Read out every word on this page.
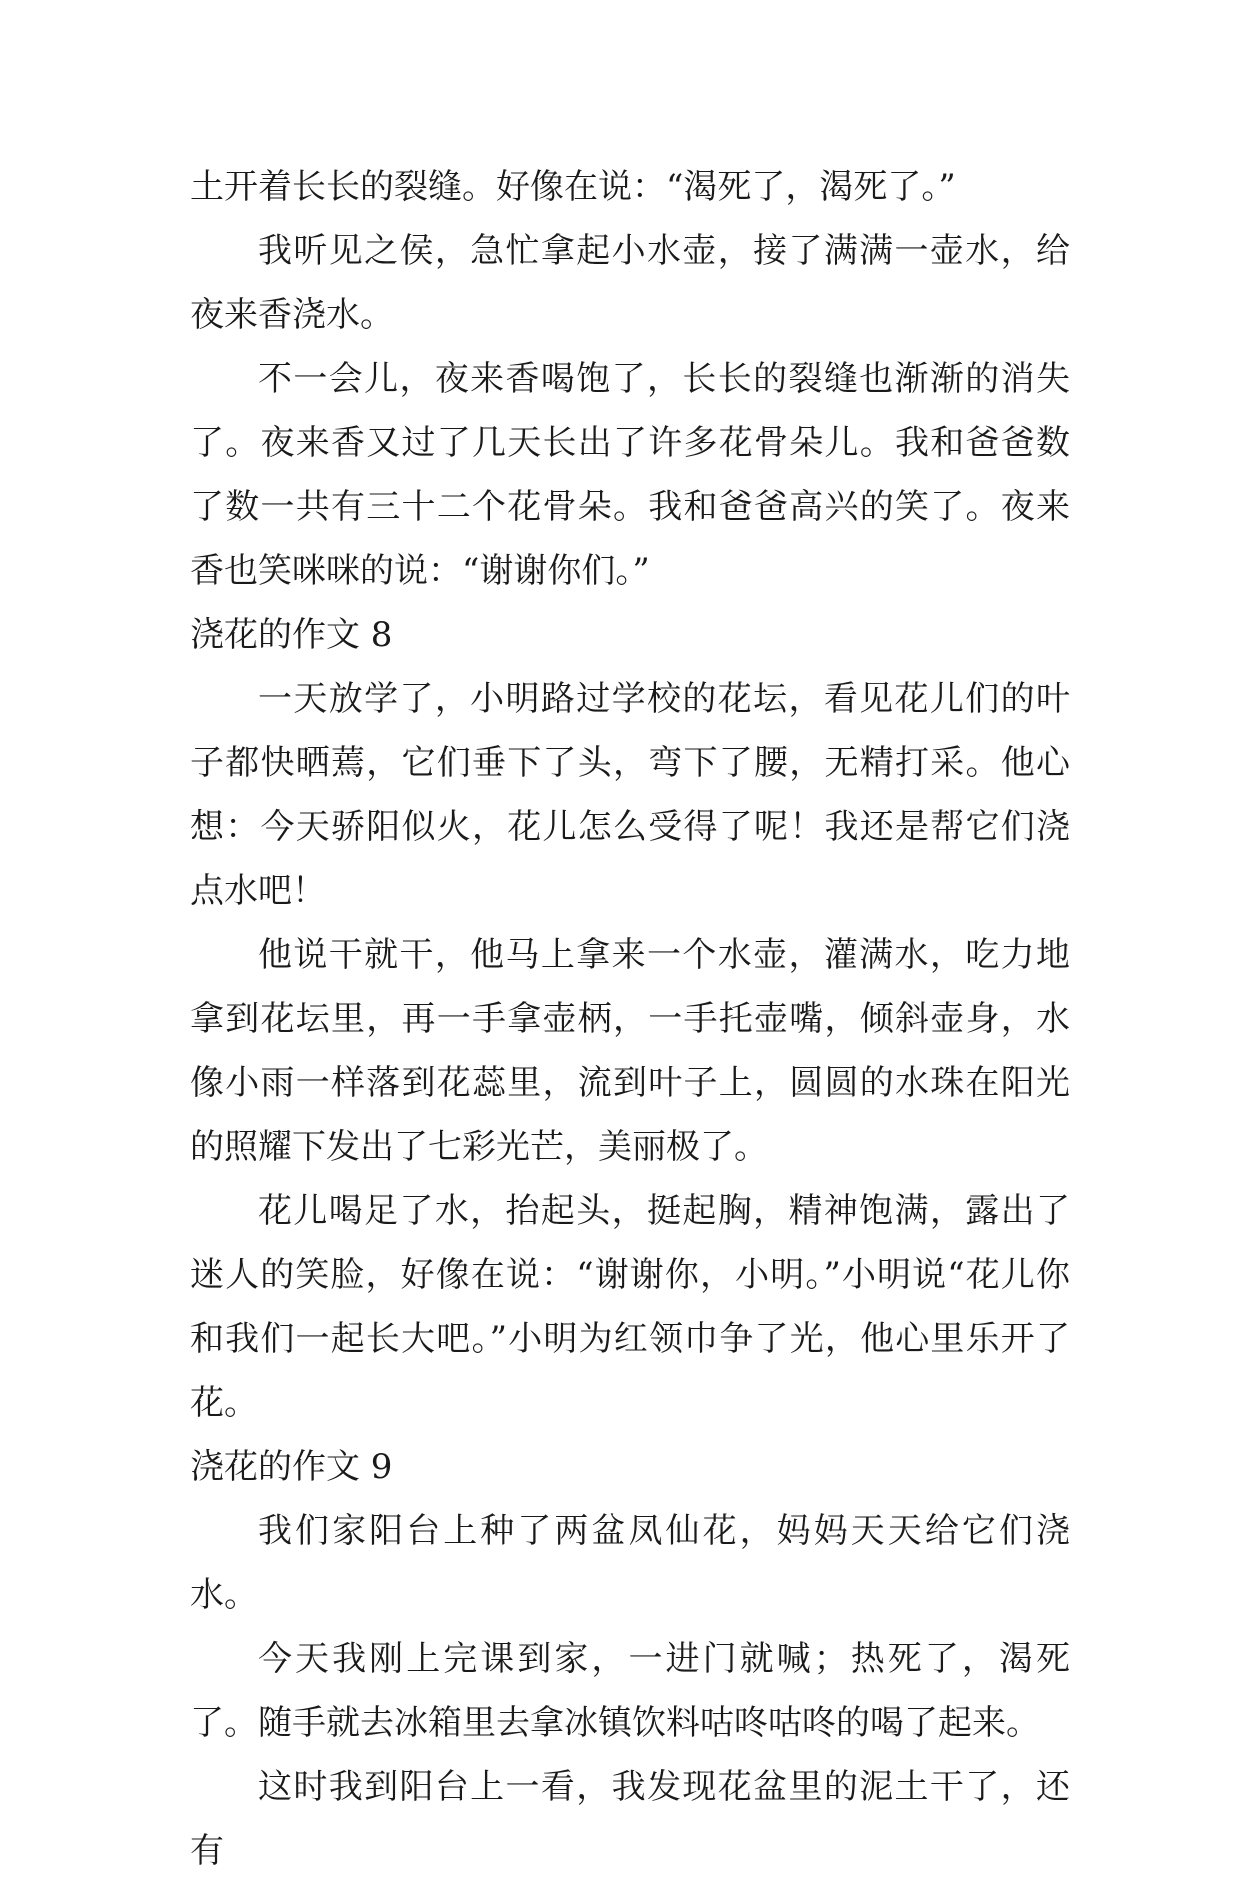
土开着长长的裂缝。好像在说：“渴死了，渴死了。”

我听见之侯，急忙拿起小水壶，接了满满一壶水，给夜来香浇水。

不一会儿，夜来香喝饱了，长长的裂缝也渐渐的消失了。夜来香又过了几天长出了许多花骨朵儿。我和爸爸数了数一共有三十二个花骨朵。我和爸爸高兴的笑了。夜来香也笑咪咪的说：“谢谢你们。”

浇花的作文 8

一天放学了，小明路过学校的花坛，看见花儿们的叶子都快晒蔫，它们垂下了头，弯下了腰，无精打采。他心想：今天骄阳似火，花儿怎么受得了呢！我还是帮它们浇点水吧！

他说干就干，他马上拿来一个水壶，灌满水，吃力地拿到花坛里，再一手拿壶柄，一手托壶嘴，倾斜壶身，水像小雨一样落到花蕊里，流到叶子上，圆圆的水珠在阳光的照耀下发出了七彩光芒，美丽极了。

花儿喝足了水，抬起头，挺起胸，精神饱满，露出了迷人的笑脸，好像在说：“谢谢你，小明。”小明说“花儿你和我们一起长大吧。”小明为红领巾争了光，他心里乐开了花。

浇花的作文 9

我们家阳台上种了两盆凤仙花，妈妈天天给它们浇水。

今天我刚上完课到家，一进门就喊；热死了，渴死了。随手就去冰箱里去拿冰镇饮料咕咚咕咚的喝了起来。

这时我到阳台上一看，我发现花盆里的泥土干了，还有
